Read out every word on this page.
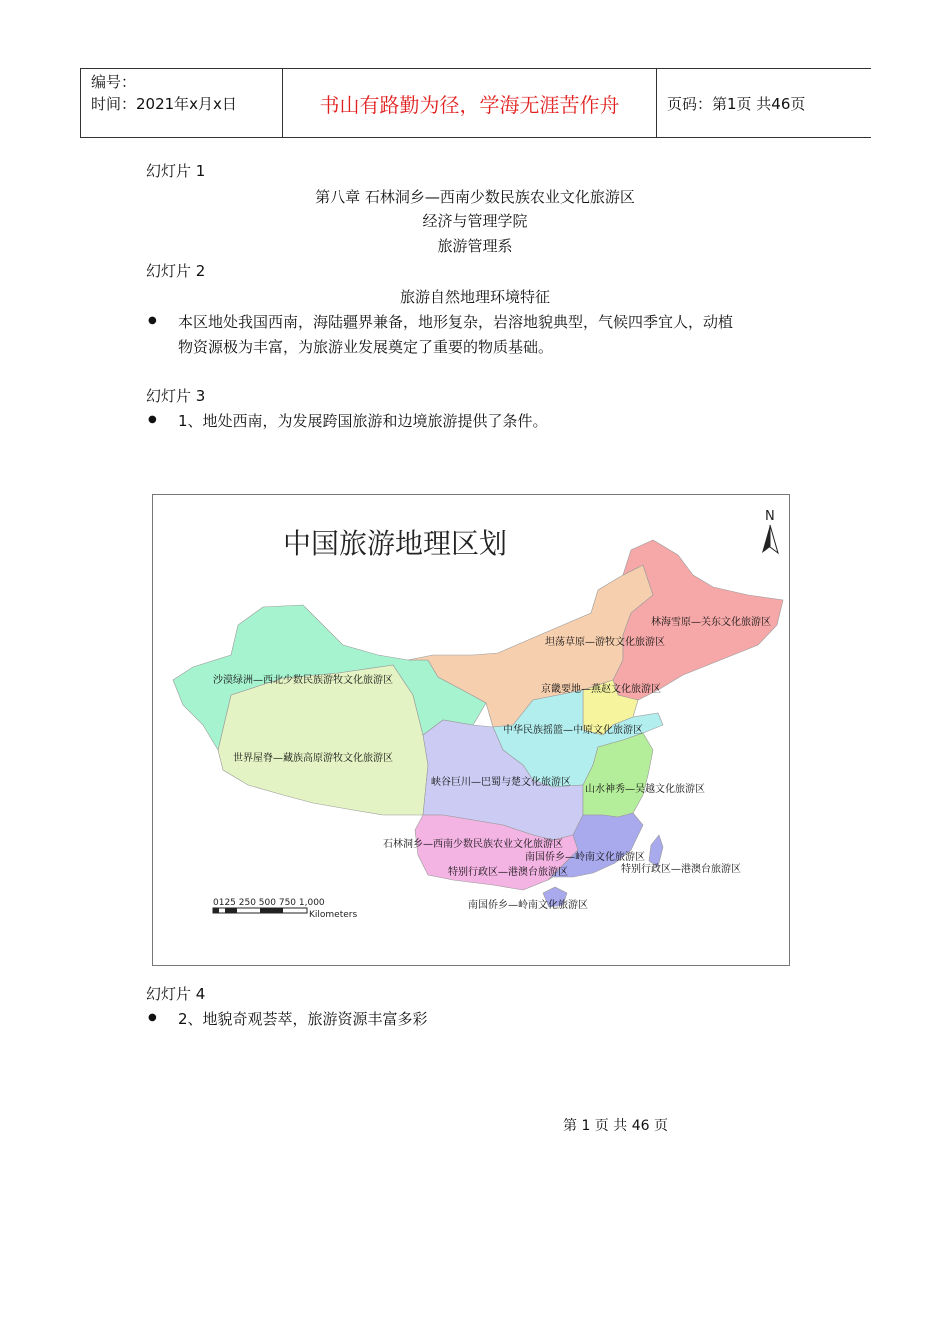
编号：
时间：2021年x月x日	书山有路勤为径，学海无涯苦作舟	页码：第1页 共46页
幻灯片 1
第八章 石林洞乡—西南少数民族农业文化旅游区
经济与管理学院
旅游管理系
幻灯片 2
旅游自然地理环境特征
● 本区地处我国西南，海陆疆界兼备，地形复杂，岩溶地貌典型，气候四季宜人，动植
物资源极为丰富，为旅游业发展奠定了重要的物质基础。
幻灯片 3
● 1、地处西南，为发展跨国旅游和边境旅游提供了条件。
中国旅游地理区划
N
林海雪原—关东文化旅游区
坦荡草原—游牧文化旅游区
沙漠绿洲—西北少数民族游牧文化旅游区
京畿要地—燕赵文化旅游区
中华民族摇篮—中原文化旅游区
世界屋脊—藏族高原游牧文化旅游区
峡谷巨川—巴蜀与楚文化旅游区
山水神秀—吴越文化旅游区
石林洞乡—西南少数民族农业文化旅游区
南国侨乡—岭南文化旅游区
特别行政区—港澳台旅游区	特别行政区—港澳台旅游区
南国侨乡—岭南文化旅游区
0125 250 500 750 1,000
Kilometers
幻灯片 4
● 2、地貌奇观荟萃，旅游资源丰富多彩
第 1 页 共 46 页
